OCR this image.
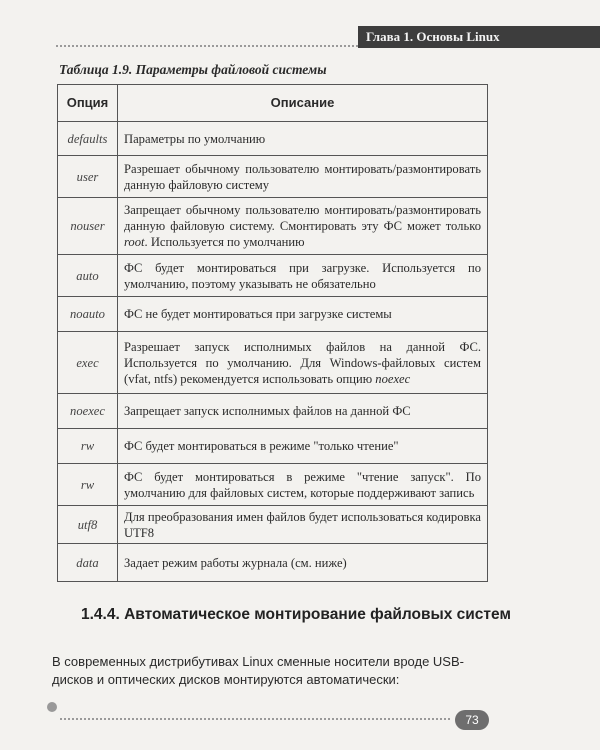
Глава 1. Основы Linux
Таблица 1.9. Параметры файловой системы
Опция	Описание
defaults	Параметры по умолчанию
user	Разрешает обычному пользователю монтировать/размонтировать данную файловую систему
nouser	Запрещает обычному пользователю монтировать/размонтировать данную файловую систему. Смонтировать эту ФС может только root. Используется по умолчанию
auto	ФС будет монтироваться при загрузке. Используется по умолчанию, поэтому указывать не обязательно
noauto	ФС не будет монтироваться при загрузке системы
exec	Разрешает запуск исполнимых файлов на данной ФС. Используется по умолчанию. Для Windows-файловых систем (vfat, ntfs) рекомендуется использовать опцию noexec
noexec	Запрещает запуск исполнимых файлов на данной ФС
rw	ФС будет монтироваться в режиме "только чтение"
rw	ФС будет монтироваться в режиме "чтение запуск". По умолчанию для файловых систем, которые поддерживают запись
utf8	Для преобразования имен файлов будет использоваться кодировка UTF8
data	Задает режим работы журнала (см. ниже)
1.4.4. Автоматическое монтирование файловых систем
В современных дистрибутивах Linux сменные носители вроде USB-дисков и оптических дисков монтируются автоматически:
73
